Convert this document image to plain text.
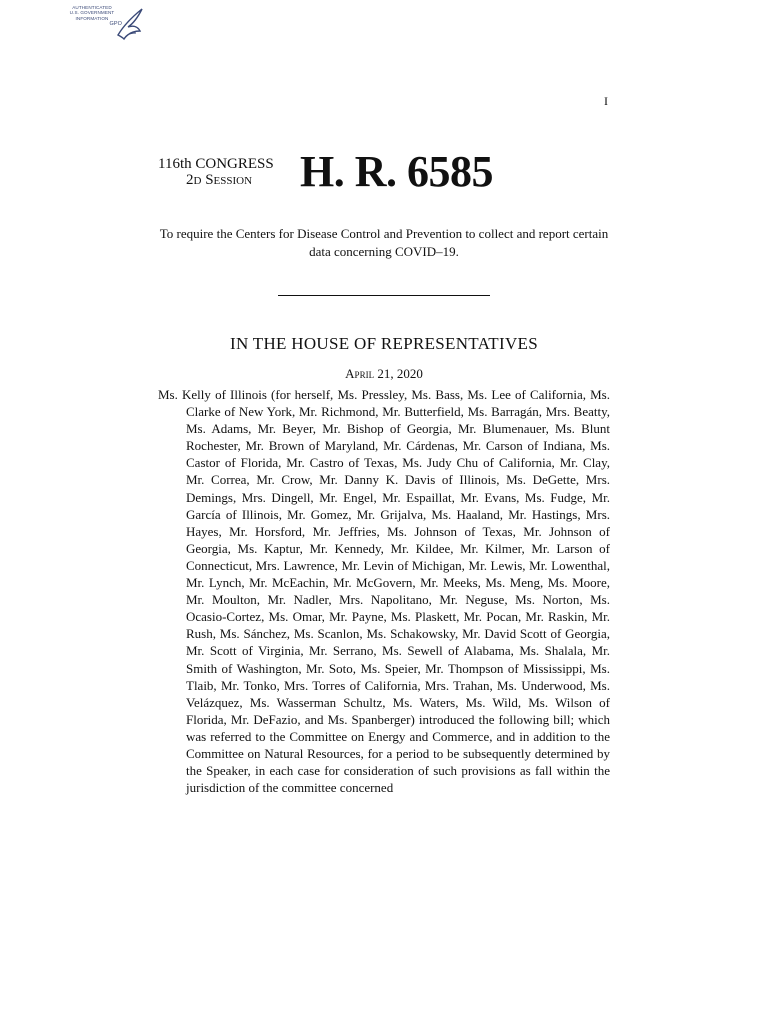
AUTHENTICATED
U.S. GOVERNMENT
INFORMATION
GPO
I
116th CONGRESS
2d Session	H. R. 6585
To require the Centers for Disease Control and Prevention to collect and report certain data concerning COVID–19.
IN THE HOUSE OF REPRESENTATIVES
April 21, 2020

Ms. Kelly of Illinois (for herself, Ms. Pressley, Ms. Bass, Ms. Lee of California, Ms. Clarke of New York, Mr. Richmond, Mr. Butterfield, Ms. Barragán, Mrs. Beatty, Ms. Adams, Mr. Beyer, Mr. Bishop of Georgia, Mr. Blumenauer, Ms. Blunt Rochester, Mr. Brown of Maryland, Mr. Cárdenas, Mr. Carson of Indiana, Ms. Castor of Florida, Mr. Castro of Texas, Ms. Judy Chu of California, Mr. Clay, Mr. Correa, Mr. Crow, Mr. Danny K. Davis of Illinois, Ms. DeGette, Mrs. Demings, Mrs. Dingell, Mr. Engel, Mr. Espaillat, Mr. Evans, Ms. Fudge, Mr. García of Illinois, Mr. Gomez, Mr. Grijalva, Ms. Haaland, Mr. Hastings, Mrs. Hayes, Mr. Horsford, Mr. Jeffries, Ms. Johnson of Texas, Mr. Johnson of Georgia, Ms. Kaptur, Mr. Kennedy, Mr. Kildee, Mr. Kilmer, Mr. Larson of Connecticut, Mrs. Lawrence, Mr. Levin of Michigan, Mr. Lewis, Mr. Lowenthal, Mr. Lynch, Mr. McEachin, Mr. McGovern, Mr. Meeks, Ms. Meng, Ms. Moore, Mr. Moulton, Mr. Nadler, Mrs. Napolitano, Mr. Neguse, Ms. Norton, Ms. Ocasio-Cortez, Ms. Omar, Mr. Payne, Ms. Plaskett, Mr. Pocan, Mr. Raskin, Mr. Rush, Ms. Sánchez, Ms. Scanlon, Ms. Schakowsky, Mr. David Scott of Georgia, Mr. Scott of Virginia, Mr. Serrano, Ms. Sewell of Alabama, Ms. Shalala, Mr. Smith of Washington, Mr. Soto, Ms. Speier, Mr. Thompson of Mississippi, Ms. Tlaib, Mr. Tonko, Mrs. Torres of California, Mrs. Trahan, Ms. Underwood, Ms. Velázquez, Ms. Wasserman Schultz, Ms. Waters, Ms. Wild, Ms. Wilson of Florida, Mr. DeFazio, and Ms. Spanberger) introduced the following bill; which was referred to the Committee on Energy and Commerce, and in addition to the Committee on Natural Resources, for a period to be subsequently determined by the Speaker, in each case for consideration of such provisions as fall within the jurisdiction of the committee concerned
